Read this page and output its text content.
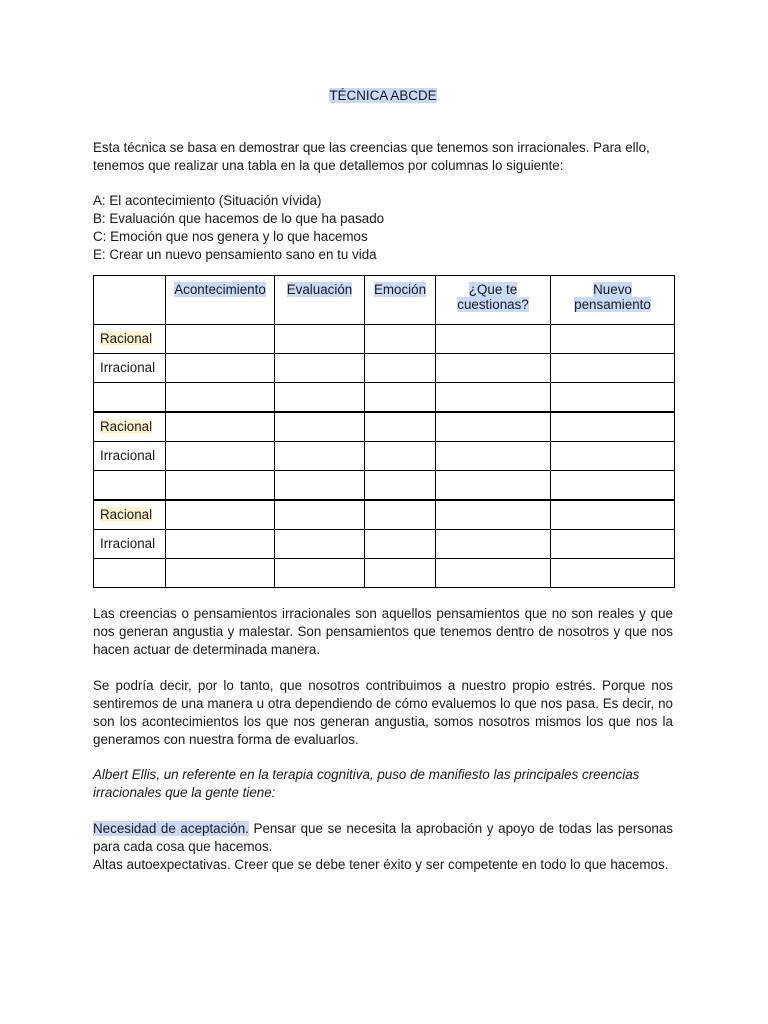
TÉCNICA ABCDE

Esta técnica se basa en demostrar que las creencias que tenemos son irracionales. Para ello, tenemos que realizar una tabla en la que detallemos por columnas lo siguiente:

A: El acontecimiento (Situación vívida)

B: Evaluación que hacemos de lo que ha pasado

C: Emoción que nos genera y lo que hacemos

E: Crear un nuevo pensamiento sano en tu vida

	Acontecimiento	Evaluación	Emoción	¿Que te cuestionas?	Nuevo pensamiento
Racional					
Irracional					

Racional					
Irracional					

Racional					
Irracional					

Las creencias o pensamientos irracionales son aquellos pensamientos que no son reales y que nos generan angustia y malestar. Son pensamientos que tenemos dentro de nosotros y que nos hacen actuar de determinada manera.

Se podría decir, por lo tanto, que nosotros contribuimos a nuestro propio estrés. Porque nos sentiremos de una manera u otra dependiendo de cómo evaluemos lo que nos pasa. Es decir, no son los acontecimientos los que nos generan angustia, somos nosotros mismos los que nos la generamos con nuestra forma de evaluarlos.

Albert Ellis, un referente en la terapia cognitiva, puso de manifiesto las principales creencias irracionales que la gente tiene:

Necesidad de aceptación. Pensar que se necesita la aprobación y apoyo de todas las personas para cada cosa que hacemos.

Altas autoexpectativas. Creer que se debe tener éxito y ser competente en todo lo que hacemos.
